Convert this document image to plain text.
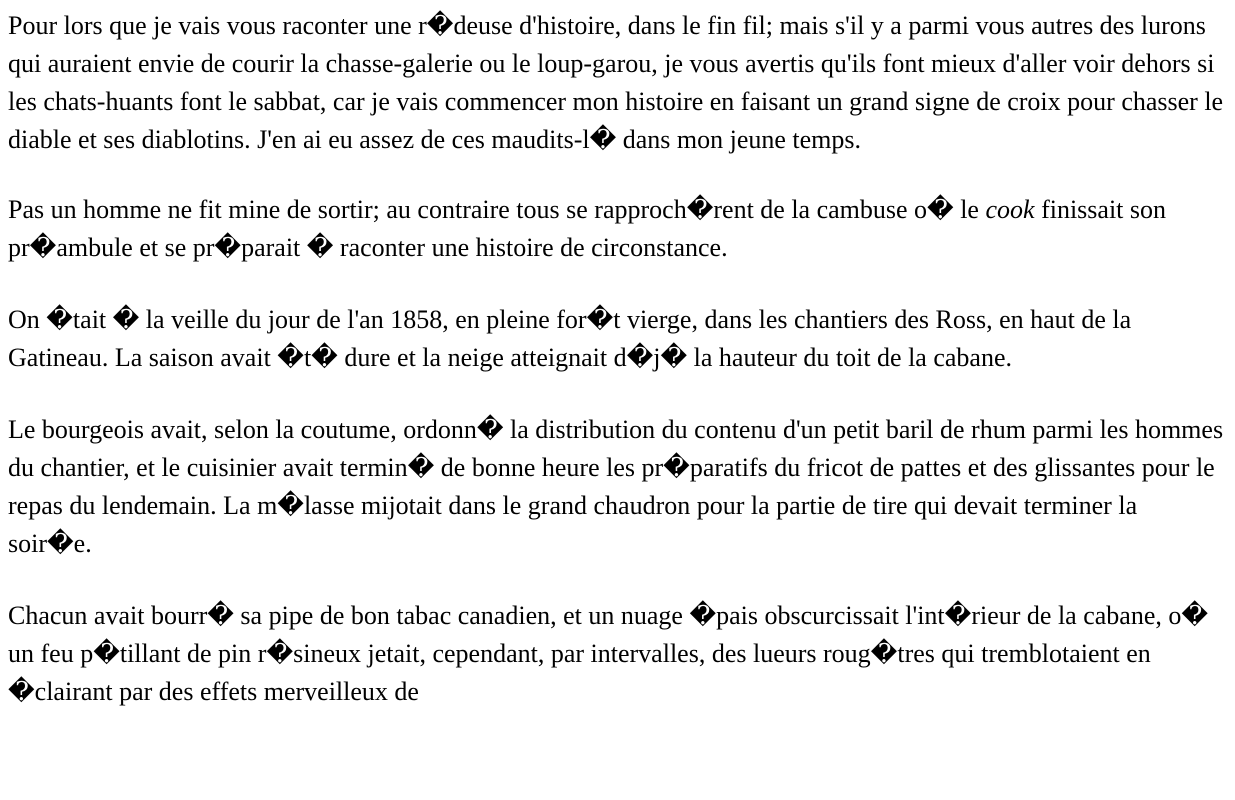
Pour lors que je vais vous raconter une r�deuse d'histoire, dans le fin fil; mais s'il y a parmi vous autres des lurons qui auraient envie de courir la chasse-galerie ou le loup-garou, je vous avertis qu'ils font mieux d'aller voir dehors si les chats-huants font le sabbat, car je vais commencer mon histoire en faisant un grand signe de croix pour chasser le diable et ses diablotins. J'en ai eu assez de ces maudits-l� dans mon jeune temps.

Pas un homme ne fit mine de sortir; au contraire tous se rapproch�rent de la cambuse o� le cook finissait son pr�ambule et se pr�parait � raconter une histoire de circonstance.

On �tait � la veille du jour de l'an 1858, en pleine for�t vierge, dans les chantiers des Ross, en haut de la Gatineau. La saison avait �t� dure et la neige atteignait d�j� la hauteur du toit de la cabane.

Le bourgeois avait, selon la coutume, ordonn� la distribution du contenu d'un petit baril de rhum parmi les hommes du chantier, et le cuisinier avait termin� de bonne heure les pr�paratifs du fricot de pattes et des glissantes pour le repas du lendemain. La m�lasse mijotait dans le grand chaudron pour la partie de tire qui devait terminer la soir�e.

Chacun avait bourr� sa pipe de bon tabac canadien, et un nuage �pais obscurcissait l'int�rieur de la cabane, o� un feu p�tillant de pin r�sineux jetait, cependant, par intervalles, des lueurs roug�tres qui tremblotaient en �clairant par des effets merveilleux de
